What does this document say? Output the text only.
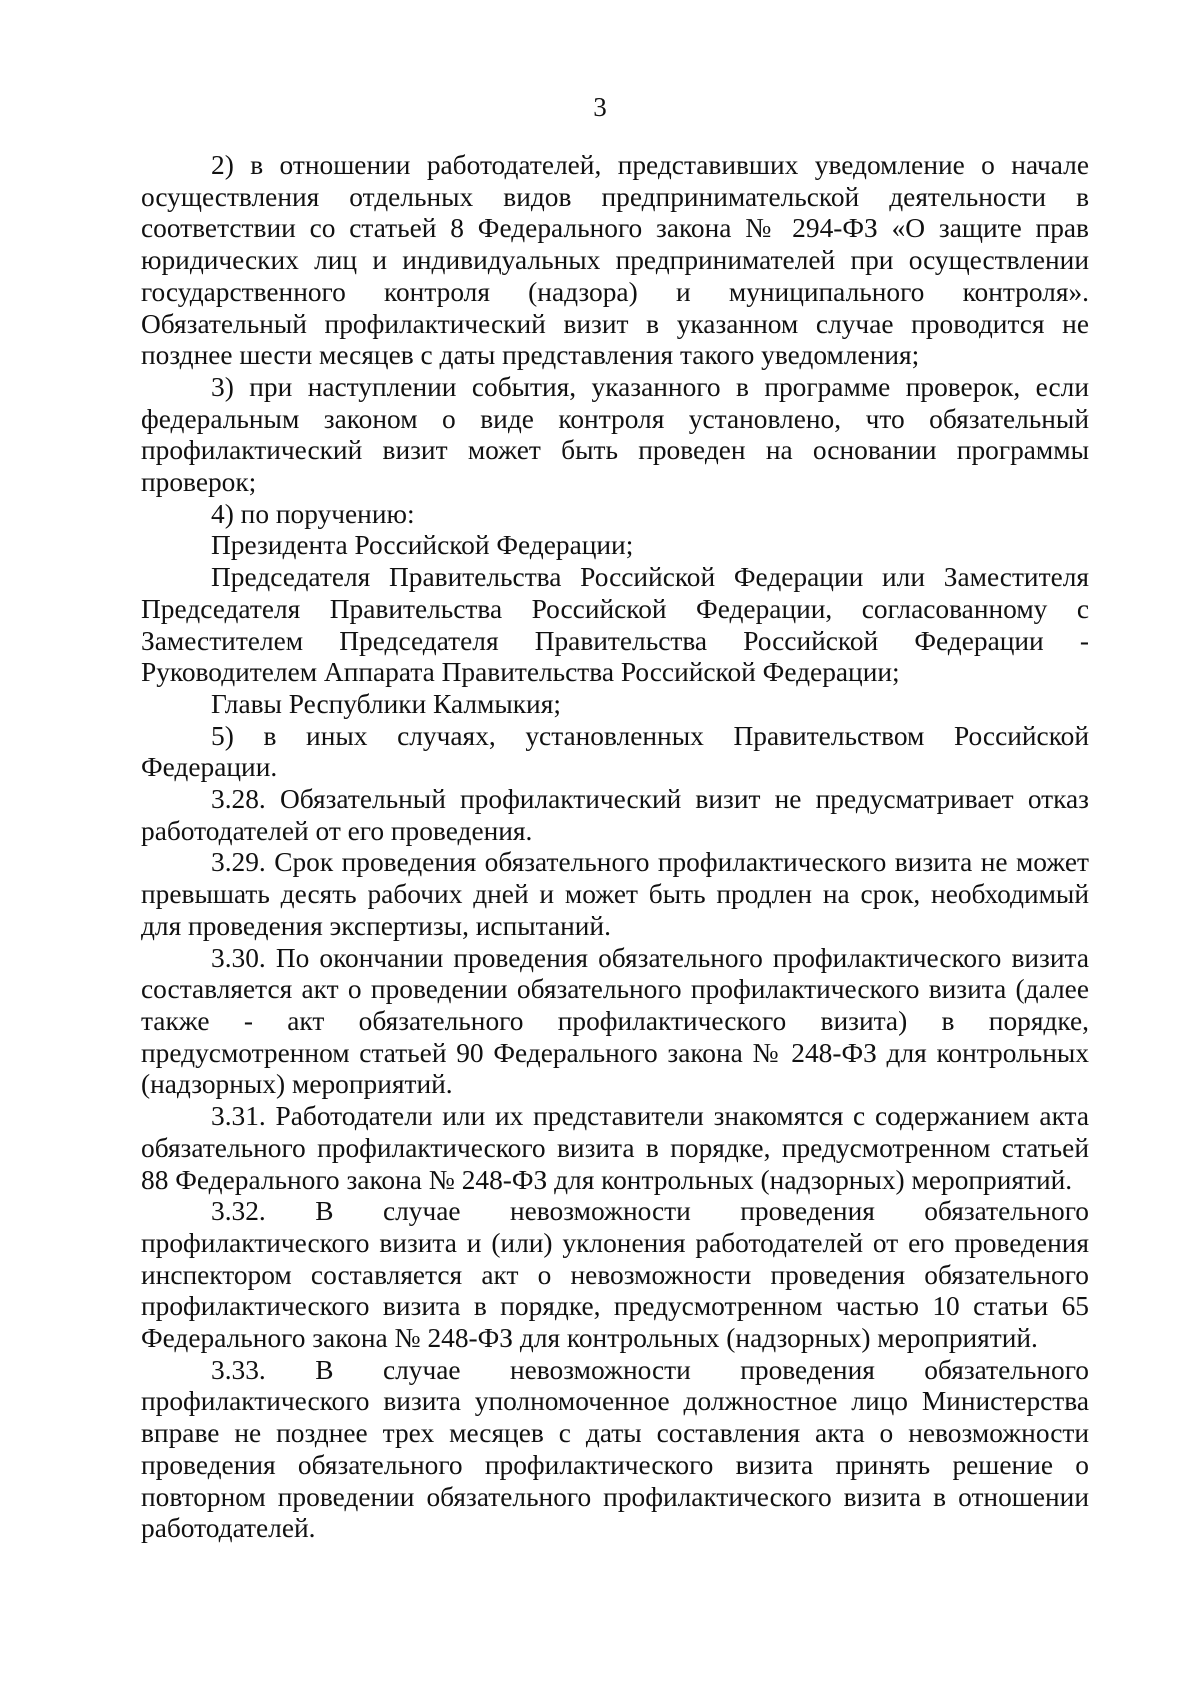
3

2) в отношении работодателей, представивших уведомление о начале осуществления отдельных видов предпринимательской деятельности в соответствии со статьей 8 Федерального закона № 294-ФЗ «О защите прав юридических лиц и индивидуальных предпринимателей при осуществлении государственного контроля (надзора) и муниципального контроля». Обязательный профилактический визит в указанном случае проводится не позднее шести месяцев с даты представления такого уведомления;

3) при наступлении события, указанного в программе проверок, если федеральным законом о виде контроля установлено, что обязательный профилактический визит может быть проведен на основании программы проверок;

4) по поручению:

Президента Российской Федерации;

Председателя Правительства Российской Федерации или Заместителя Председателя Правительства Российской Федерации, согласованному с Заместителем Председателя Правительства Российской Федерации - Руководителем Аппарата Правительства Российской Федерации;

Главы Республики Калмыкия;

5) в иных случаях, установленных Правительством Российской Федерации.

3.28. Обязательный профилактический визит не предусматривает отказ работодателей от его проведения.

3.29. Срок проведения обязательного профилактического визита не может превышать десять рабочих дней и может быть продлен на срок, необходимый для проведения экспертизы, испытаний.

3.30. По окончании проведения обязательного профилактического визита составляется акт о проведении обязательного профилактического визита (далее также - акт обязательного профилактического визита) в порядке, предусмотренном статьей 90 Федерального закона № 248-ФЗ для контрольных (надзорных) мероприятий.

3.31. Работодатели или их представители знакомятся с содержанием акта обязательного профилактического визита в порядке, предусмотренном статьей 88 Федерального закона № 248-ФЗ для контрольных (надзорных) мероприятий.

3.32. В случае невозможности проведения обязательного профилактического визита и (или) уклонения работодателей от его проведения инспектором составляется акт о невозможности проведения обязательного профилактического визита в порядке, предусмотренном частью 10 статьи 65 Федерального закона № 248-ФЗ для контрольных (надзорных) мероприятий.

3.33. В случае невозможности проведения обязательного профилактического визита уполномоченное должностное лицо Министерства вправе не позднее трех месяцев с даты составления акта о невозможности проведения обязательного профилактического визита принять решение о повторном проведении обязательного профилактического визита в отношении работодателей.
